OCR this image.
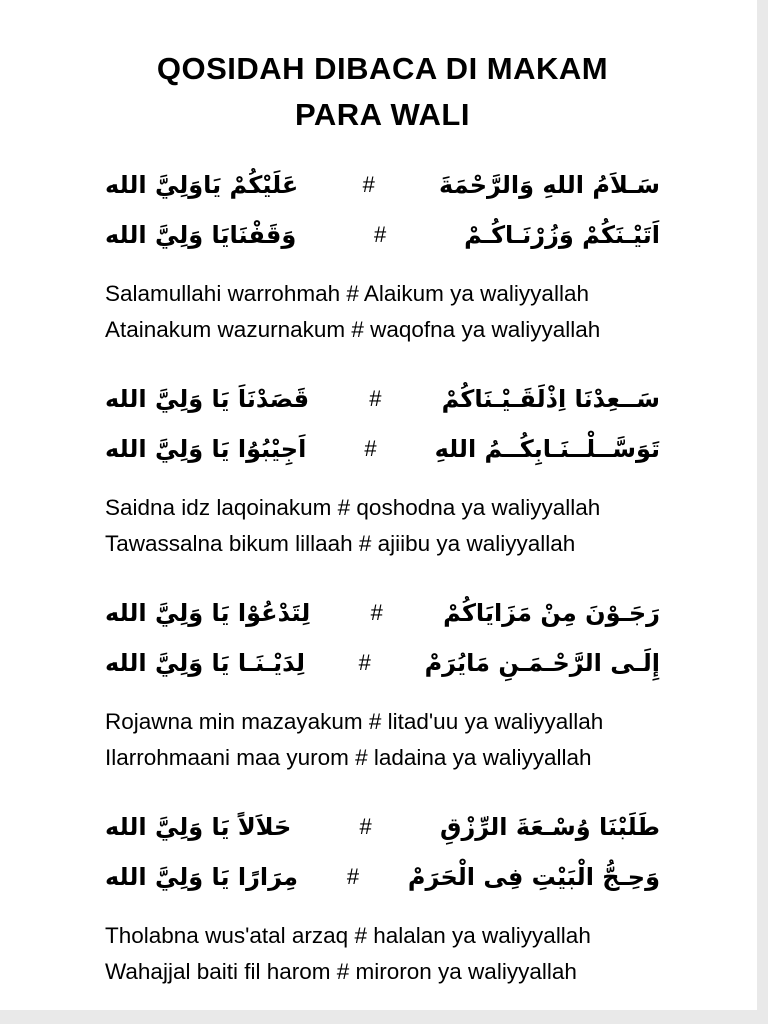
QOSIDAH DIBACA DI MAKAM
PARA WALI
سَـلاَمُ اللهِ وَالرَّحْمَةَ
#
عَلَيْكُمْ يَاوَلِيَّ الله
اَتَيْـنَكُمْ وَزُرْنَـاكُـمْ
#
وَقَفْنَايَا وَلِيَّ الله
Salamullahi warrohmah # Alaikum ya waliyyallah
Atainakum wazurnakum # waqofna ya waliyyallah
سَــعِدْنَا اِذْلَقَـيْـنَاكُمْ
#
قَصَدْنَاَ يَا وَلِيَّ الله
تَوَسَّــلْــنَـابِكُــمُ اللهِ
#
اَجِيْبُوُا يَا وَلِيَّ الله
Saidna idz laqoinakum # qoshodna ya waliyyallah
Tawassalna bikum lillaah # ajiibu ya waliyyallah
رَجَـوْنَ مِنْ مَزَايَاكُمْ
#
لِتَدْعُوْا يَا وَلِيَّ الله
إِلَـى الرَّحْـمَـنِ مَايُرَمْ
#
لِدَيْـنَـا يَا وَلِيَّ الله
Rojawna min mazayakum # litad'uu ya waliyyallah
Ilarrohmaani maa yurom # ladaina ya waliyyallah
طَلَبْنَا وُسْـعَةَ الرِّزْقِ
#
حَلاَلاً يَا وَلِيَّ الله
وَحِـجُّ الْبَيْتِ فِى الْحَرَمْ
#
مِرَارًا يَا وَلِيَّ الله
Tholabna wus'atal arzaq # halalan ya waliyyallah
Wahajjal baiti fil harom # miroron ya waliyyallah
